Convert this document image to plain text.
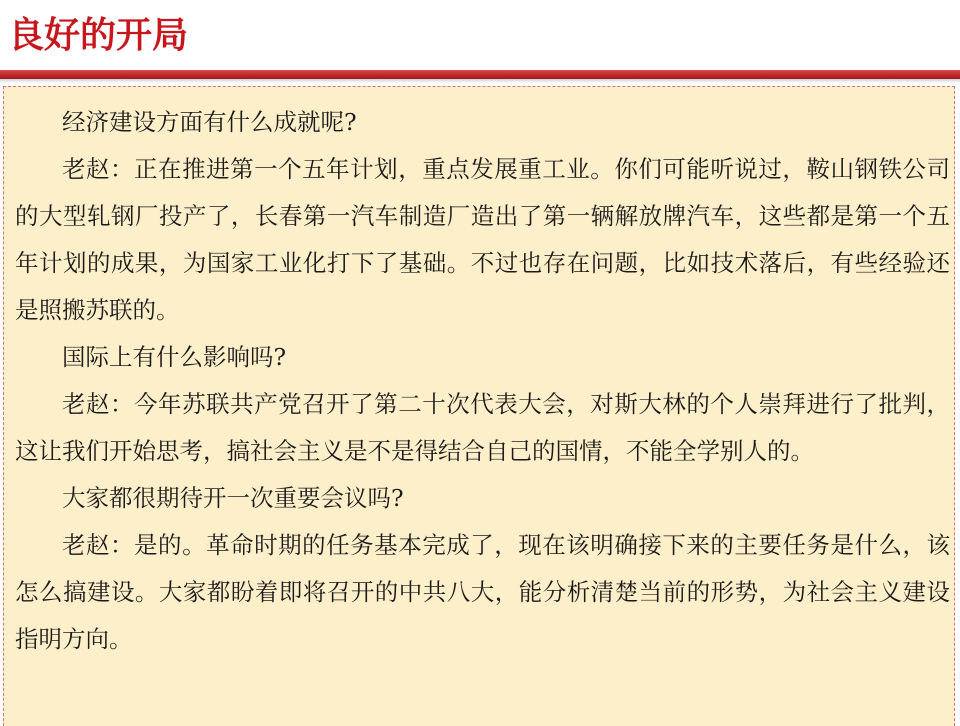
良好的开局

经济建设方面有什么成就呢?

老赵：正在推进第一个五年计划，重点发展重工业。你们可能听说过，鞍山钢铁公司的大型轧钢厂投产了，长春第一汽车制造厂造出了第一辆解放牌汽车，这些都是第一个五年计划的成果，为国家工业化打下了基础。不过也存在问题，比如技术落后，有些经验还是照搬苏联的。

国际上有什么影响吗?

老赵：今年苏联共产党召开了第二十次代表大会，对斯大林的个人崇拜进行了批判，这让我们开始思考，搞社会主义是不是得结合自己的国情，不能全学别人的。

大家都很期待开一次重要会议吗?

老赵：是的。革命时期的任务基本完成了，现在该明确接下来的主要任务是什么，该怎么搞建设。大家都盼着即将召开的中共八大，能分析清楚当前的形势，为社会主义建设指明方向。
